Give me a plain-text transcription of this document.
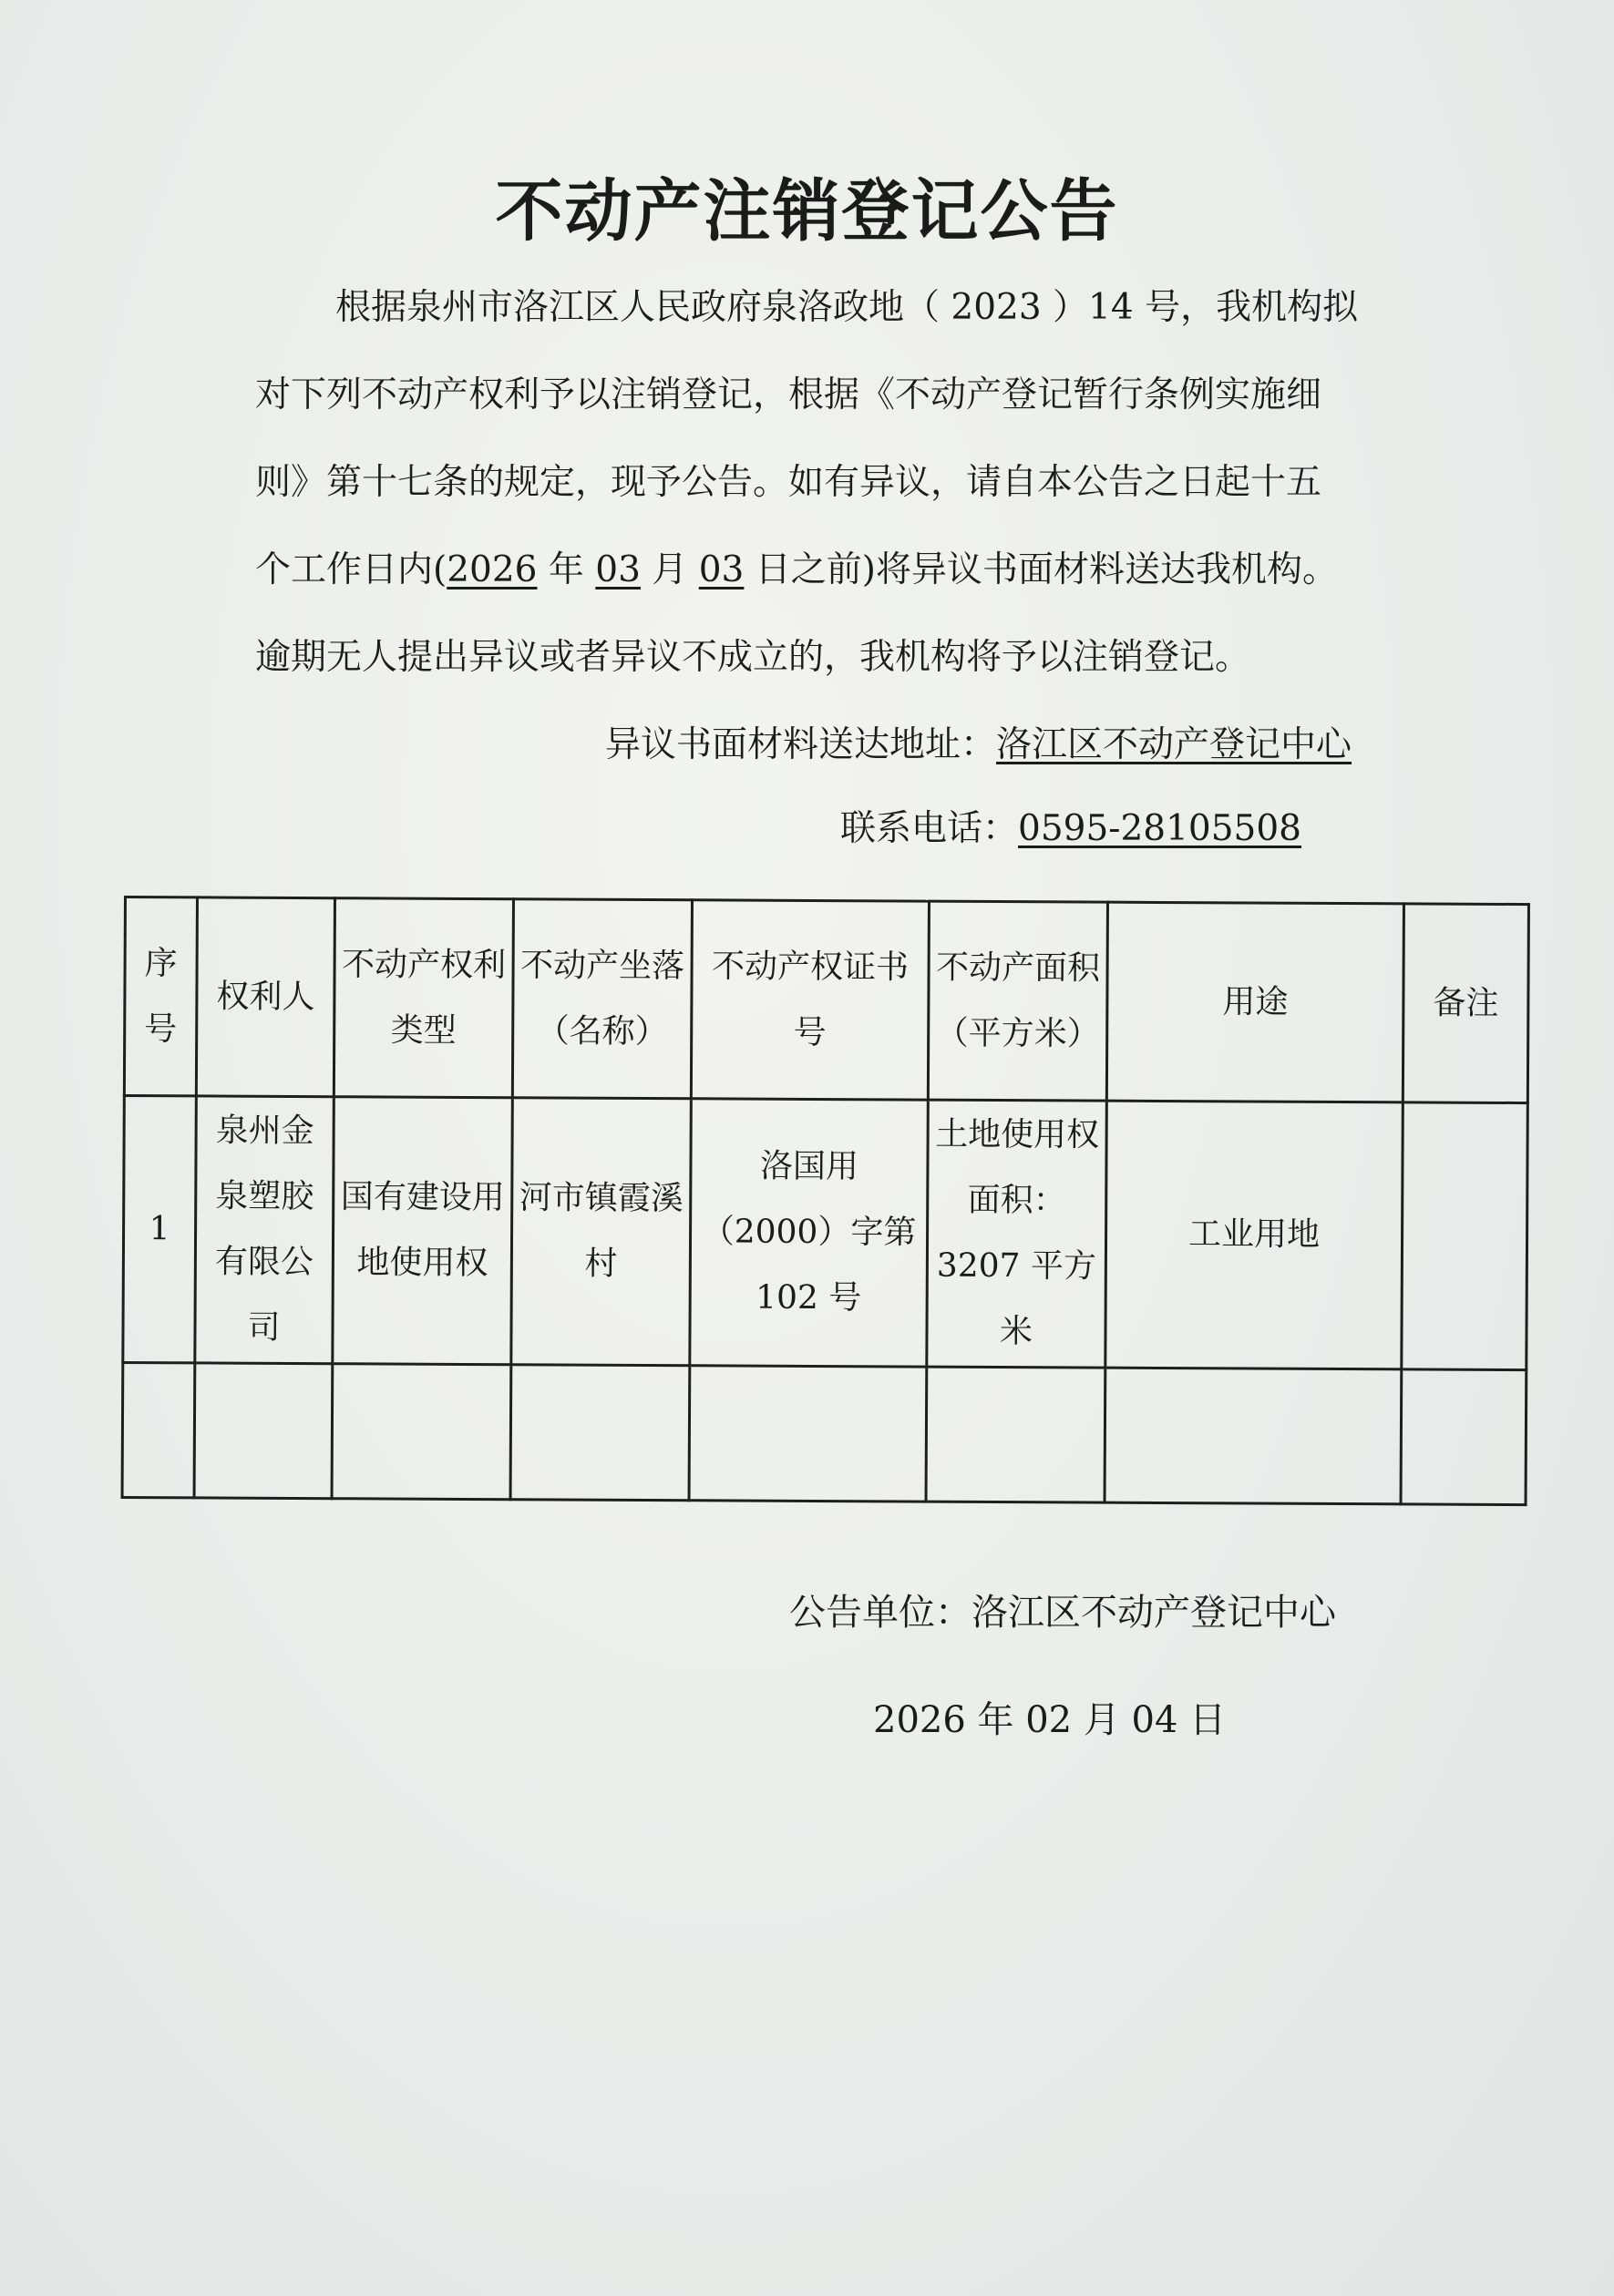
不动产注销登记公告
根据泉州市洛江区人民政府泉洛政地（ 2023 ）14 号，我机构拟
对下列不动产权利予以注销登记，根据《不动产登记暂行条例实施细
则》第十七条的规定，现予公告。如有异议，请自本公告之日起十五
个工作日内(2026 年 03 月 03 日之前)将异议书面材料送达我机构。
逾期无人提出异议或者异议不成立的，我机构将予以注销登记。
异议书面材料送达地址：洛江区不动产登记中心
联系电话：0595-28105508
序号	权利人	不动产权利类型	不动产坐落（名称）	不动产权证书号	不动产面积（平方米）	用途	备注
1	泉州金泉塑胶有限公司	国有建设用地使用权	河市镇霞溪村	洛国用（2000）字第 102 号	土地使用权面积：3207 平方米	工业用地	

公告单位：洛江区不动产登记中心
2026 年 02 月 04 日
